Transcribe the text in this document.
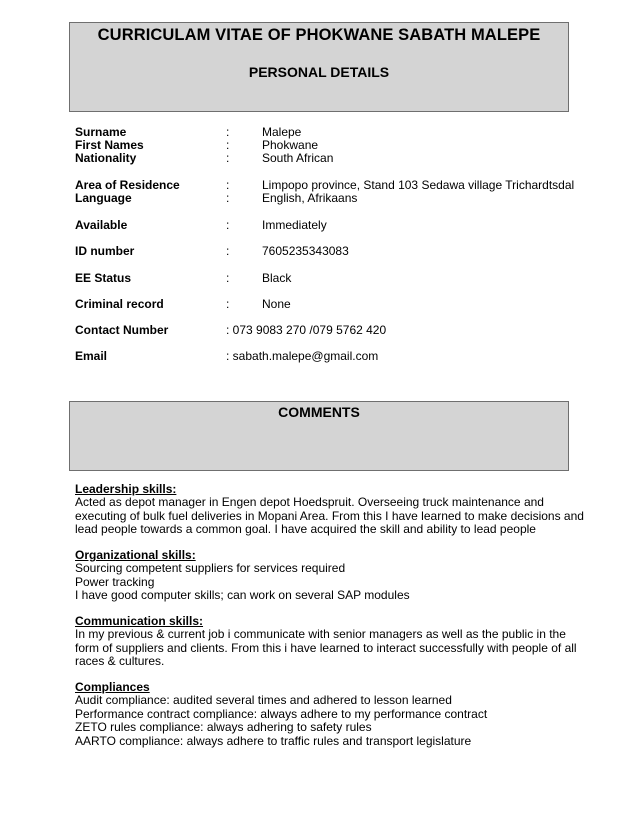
CURRICULAM VITAE OF PHOKWANE SABATH MALEPE
PERSONAL DETAILS
Surname	:	Malepe
First Names	:	Phokwane
Nationality	:	South African
Area of Residence	:	Limpopo province, Stand 103 Sedawa village Trichardtsdal
Language	:	English, Afrikaans
Available	:	Immediately
ID number	:	7605235343083
EE Status	:	Black
Criminal record	:	None
Contact Number	: 073 9083 270 /079 5762 420
Email	: sabath.malepe@gmail.com
COMMENTS
Leadership skills:
Acted as depot manager in Engen depot Hoedspruit. Overseeing truck maintenance and
executing of bulk fuel deliveries in Mopani Area. From this I have learned to make decisions and
lead people towards a common goal. I have acquired the skill and ability to lead people
Organizational skills:
Sourcing competent suppliers for services required
Power tracking
I have good computer skills; can work on several SAP modules
Communication skills:
In my previous & current job i communicate with senior managers as well as the public in the
form of suppliers and clients. From this i have learned to interact successfully with people of all
races & cultures.
Compliances
Audit compliance: audited several times and adhered to lesson learned
Performance contract compliance: always adhere to my performance contract
ZETO rules compliance: always adhering to safety rules
AARTO compliance: always adhere to traffic rules and transport legislature
